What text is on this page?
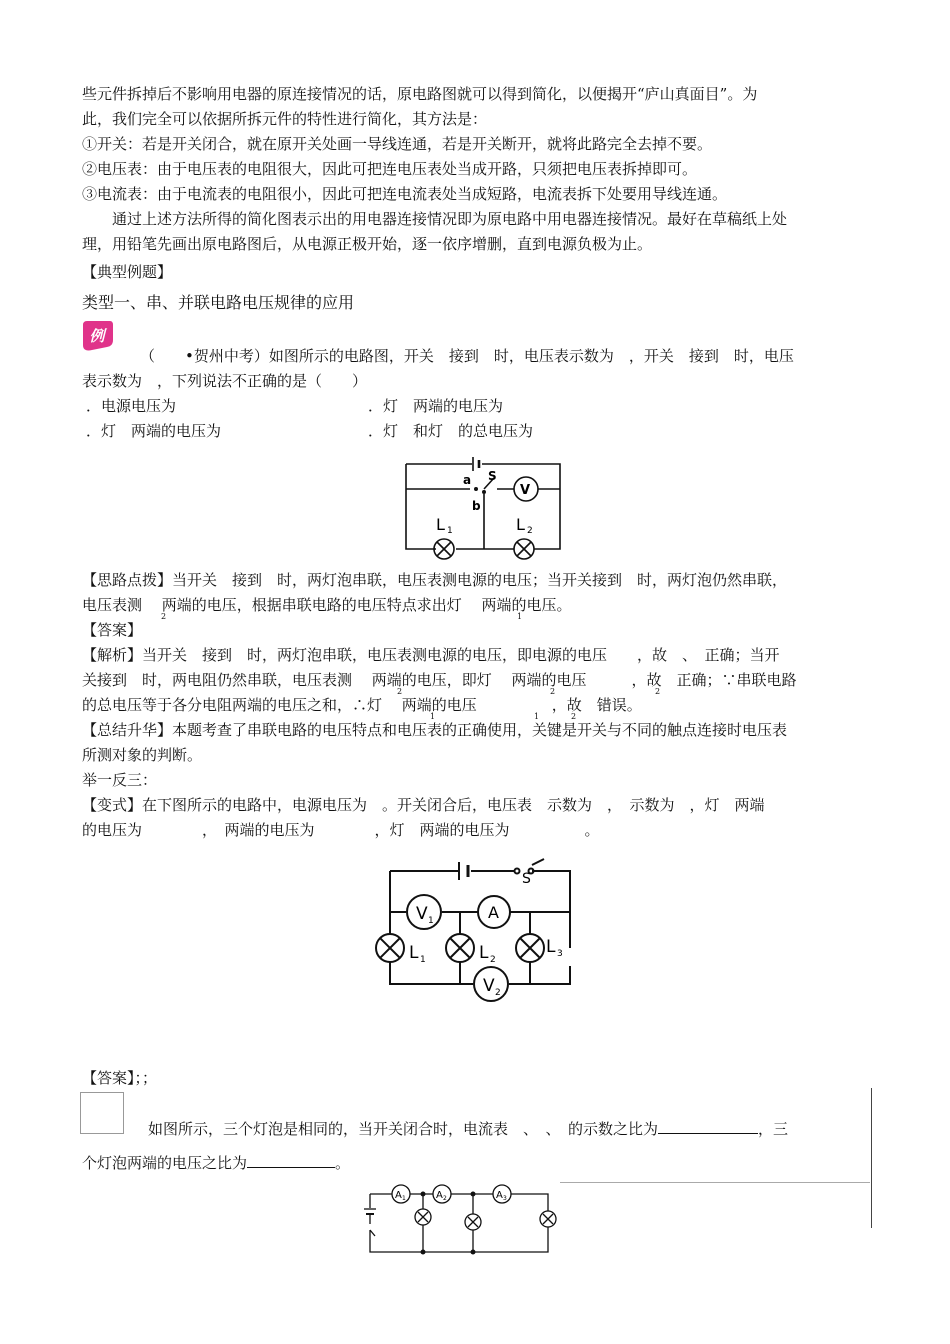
些元件拆掉后不影响用电器的原连接情况的话，原电路图就可以得到简化，以便揭开“庐山真面目”。为
此，我们完全可以依据所拆元件的特性进行简化，其方法是：
①开关：若是开关闭合，就在原开关处画一导线连通，若是开关断开，就将此路完全去掉不要。
②电压表：由于电压表的电阻很大，因此可把连电压表处当成开路，只须把电压表拆掉即可。
③电流表：由于电流表的电阻很小，因此可把连电流表处当成短路，电流表拆下处要用导线连通。
　　通过上述方法所得的简化图表示出的用电器连接情况即为原电路中用电器连接情况。最好在草稿纸上处
理，用铅笔先画出原电路图后，从电源正极开始，逐一依序增删，直到电源负极为止。
【典型例题】
类型一、串、并联电路电压规律的应用
例
（　　•贺州中考）如图所示的电路图，开关　接到　时，电压表示数为　，开关　接到　时，电压
表示数为　，下列说法不正确的是（　　）
．电源电压为	．灯　两端的电压为
．灯　两端的电压为	．灯　和灯　的总电压为
a S
b
V
L 1	L 2
【思路点拨】当开关　接到　时，两灯泡串联，电压表测电源的电压；当开关接到　时，两灯泡仍然串联，
电压表测　 两端的电压，根据串联电路的电压特点求出灯　 两端的电压。
2	1
【答案】
【解析】当开关　接到　时，两灯泡串联，电压表测电源的电压，即电源的电压　　，故　、　正确；当开
关接到　时，两电阻仍然串联，电压表测　 两端的电压，即灯　 两端的电压　　　，故　正确；∵串联电路
的总电压等于各分电阻两端的电压之和，∴灯　 两端的电压　　　　　，故　错误。
2	2	2
1	1	2
【总结升华】本题考查了串联电路的电压特点和电压表的正确使用，关键是开关与不同的触点连接时电压表
所测对象的判断。
举一反三：
【变式】在下图所示的电路中，电源电压为　。开关闭合后，电压表　示数为　，　示数为　，灯　两端
的电压为　　　　，　两端的电压为　　　　，灯　两端的电压为　　　　　。
S
V 1	A
V 2
L 1	L 2
L 3
【答案】；；
如图所示，三个灯泡是相同的，当开关闭合时，电流表　、　、　的示数之比为	，三
个灯泡两端的电压之比为	。
A 1	A 2	A 3
